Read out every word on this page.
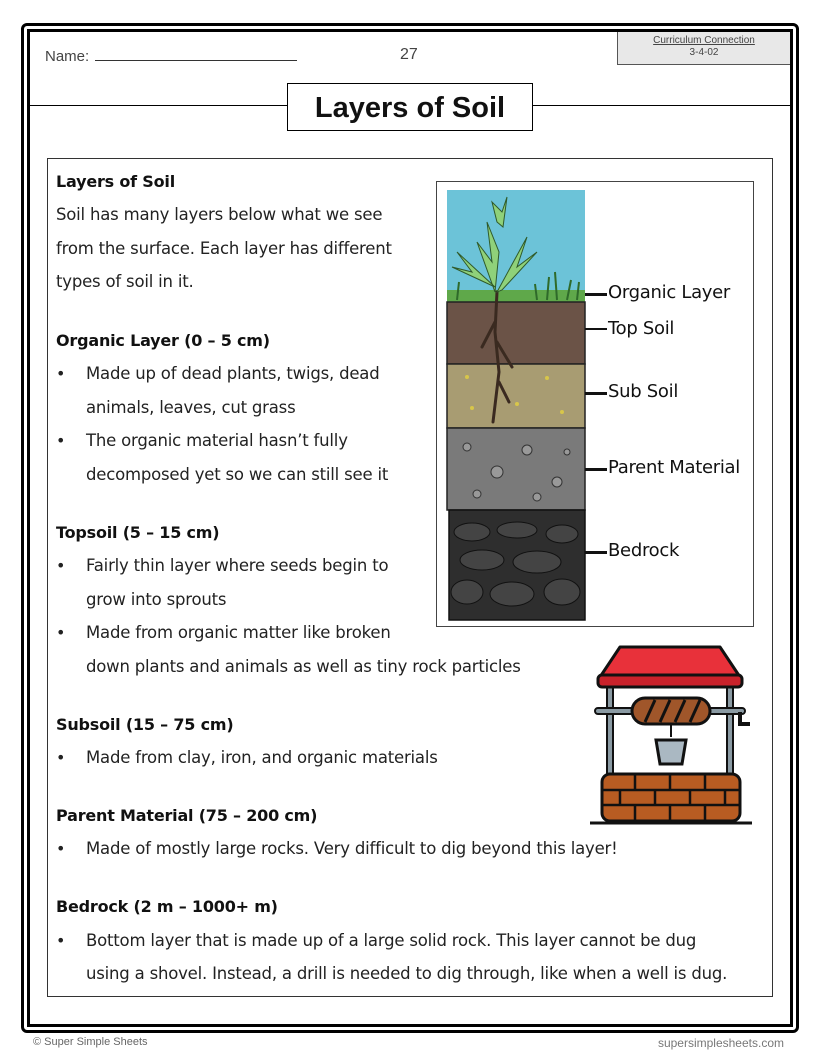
Name:	27
Curriculum Connection
3-4-02
Layers of Soil
Layers of Soil
Soil has many layers below what we see
from the surface. Each layer has different
types of soil in it.
Organic Layer (0 – 5 cm)
• Made up of dead plants, twigs, dead
animals, leaves, cut grass
• The organic material hasn’t fully
decomposed yet so we can still see it
Topsoil (5 – 15 cm)
• Fairly thin layer where seeds begin to
grow into sprouts
• Made from organic matter like broken
down plants and animals as well as tiny rock particles
Subsoil (15 – 75 cm)
• Made from clay, iron, and organic materials
Parent Material (75 – 200 cm)
• Made of mostly large rocks. Very difficult to dig beyond this layer!
Bedrock (2 m – 1000+ m)
• Bottom layer that is made up of a large solid rock. This layer cannot be dug
using a shovel. Instead, a drill is needed to dig through, like when a well is dug.
Organic Layer
Top Soil
Sub Soil
Parent Material
Bedrock
© Super Simple Sheets	supersimplesheets.com
